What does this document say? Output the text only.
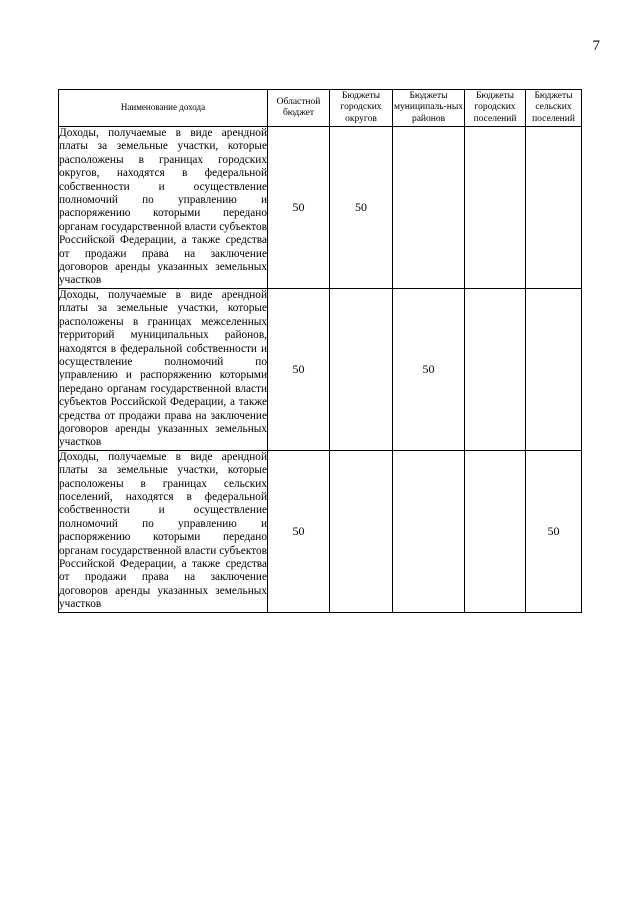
7
Наименование дохода	Областной бюджет	Бюджеты городских округов	Бюджеты муниципаль-ных районов	Бюджеты городских поселений	Бюджеты сельских поселений
Доходы, получаемые в виде арендной платы за земельные участки, которые расположены в границах городских округов, находятся в федеральной собственности и осуществление полномочий по управлению и распоряжению которыми передано органам государственной власти субъектов Российской Федерации, а также средства от продажи права на заключение договоров аренды указанных земельных участков	50	50			
Доходы, получаемые в виде арендной платы за земельные участки, которые расположены в границах межселенных территорий муниципальных районов, находятся в федеральной собственности и осуществление полномочий по управлению и распоряжению которыми передано органам государственной власти субъектов Российской Федерации, а также средства от продажи права на заключение договоров аренды указанных земельных участков	50		50		
Доходы, получаемые в виде арендной платы за земельные участки, которые расположены в границах сельских поселений, находятся в федеральной собственности и осуществление полномочий по управлению и распоряжению которыми передано органам государственной власти субъектов Российской Федерации, а также средства от продажи права на заключение договоров аренды указанных земельных участков	50				50
